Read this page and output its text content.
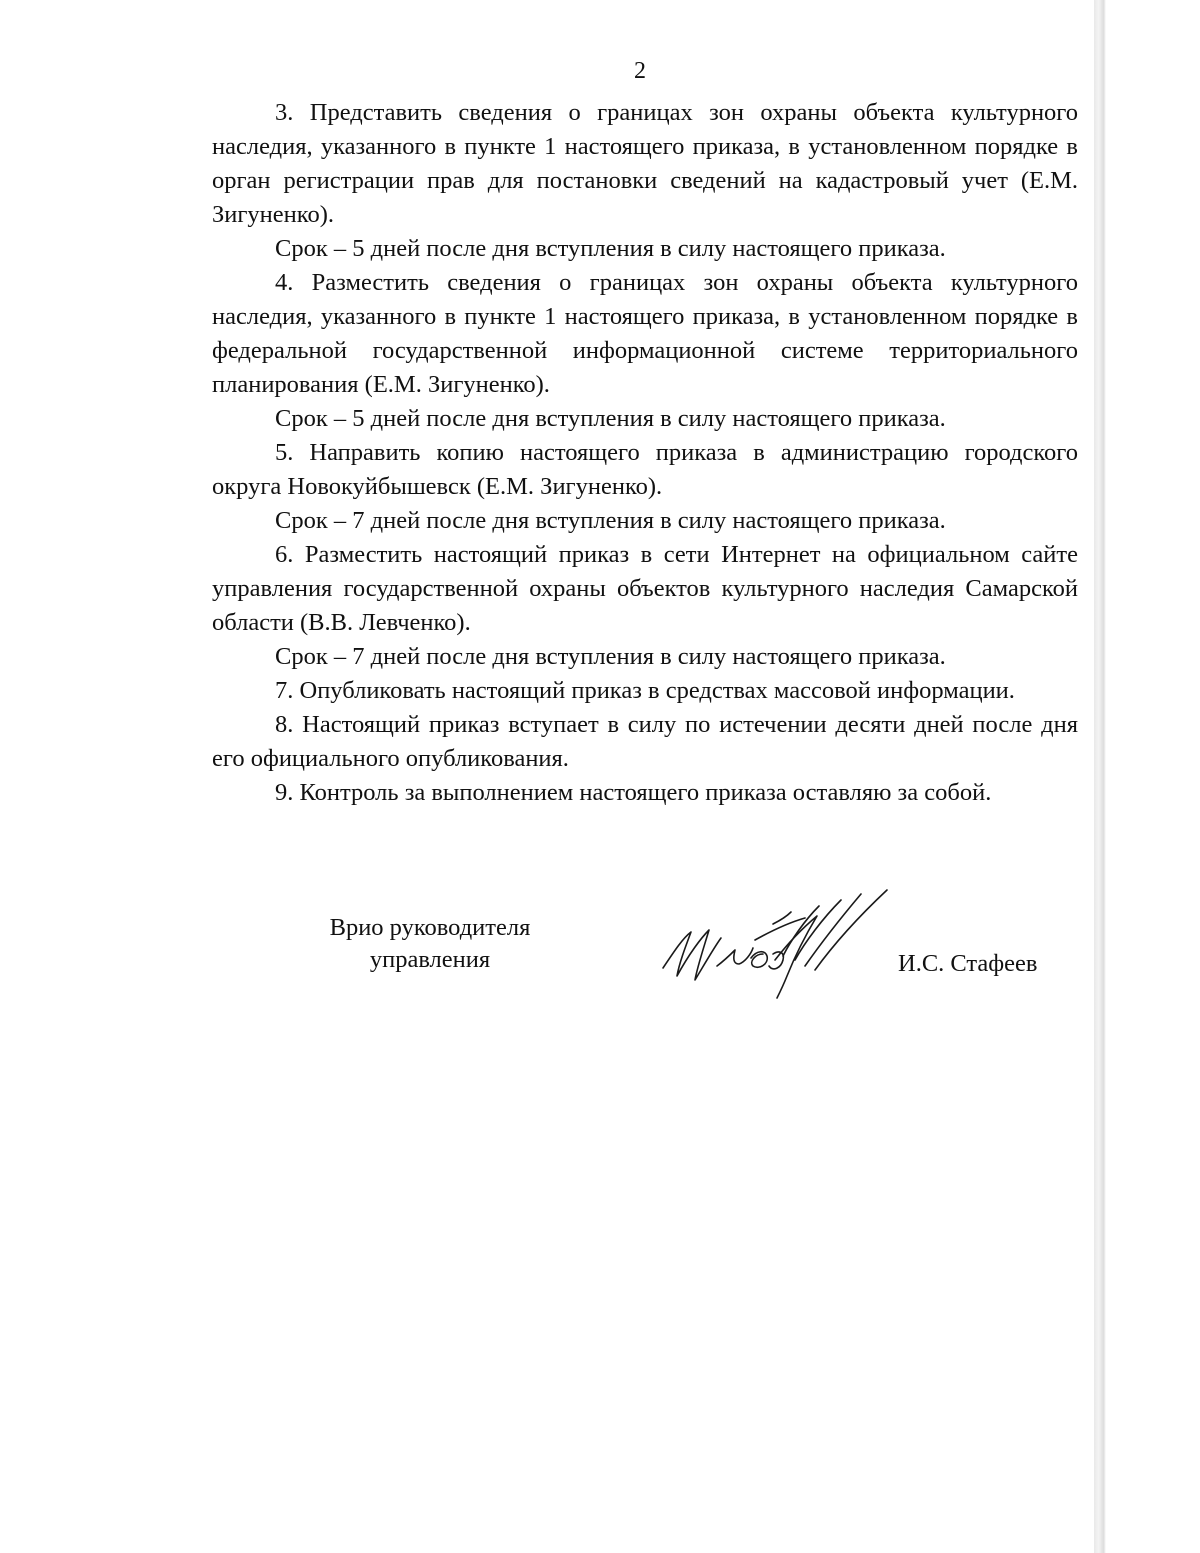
2

3. Представить сведения о границах зон охраны объекта культурного наследия, указанного в пункте 1 настоящего приказа, в установленном порядке в орган регистрации прав для постановки сведений на кадастровый учет (Е.М. Зигуненко).

Срок – 5 дней после дня вступления в силу настоящего приказа.

4. Разместить сведения о границах зон охраны объекта культурного наследия, указанного в пункте 1 настоящего приказа, в установленном порядке в федеральной государственной информационной системе территориального планирования (Е.М. Зигуненко).

Срок – 5 дней после дня вступления в силу настоящего приказа.

5. Направить копию настоящего приказа в администрацию городского округа Новокуйбышевск (Е.М. Зигуненко).

Срок – 7 дней после дня вступления в силу настоящего приказа.

6. Разместить настоящий приказ в сети Интернет на официальном сайте управления государственной охраны объектов культурного наследия Самарской области (В.В. Левченко).

Срок – 7 дней после дня вступления в силу настоящего приказа.

7. Опубликовать настоящий приказ в средствах массовой информации.

8. Настоящий приказ вступает в силу по истечении десяти дней после дня его официального опубликования.

9. Контроль за выполнением настоящего приказа оставляю за собой.

Врио руководителя
управления	И.С. Стафеев
